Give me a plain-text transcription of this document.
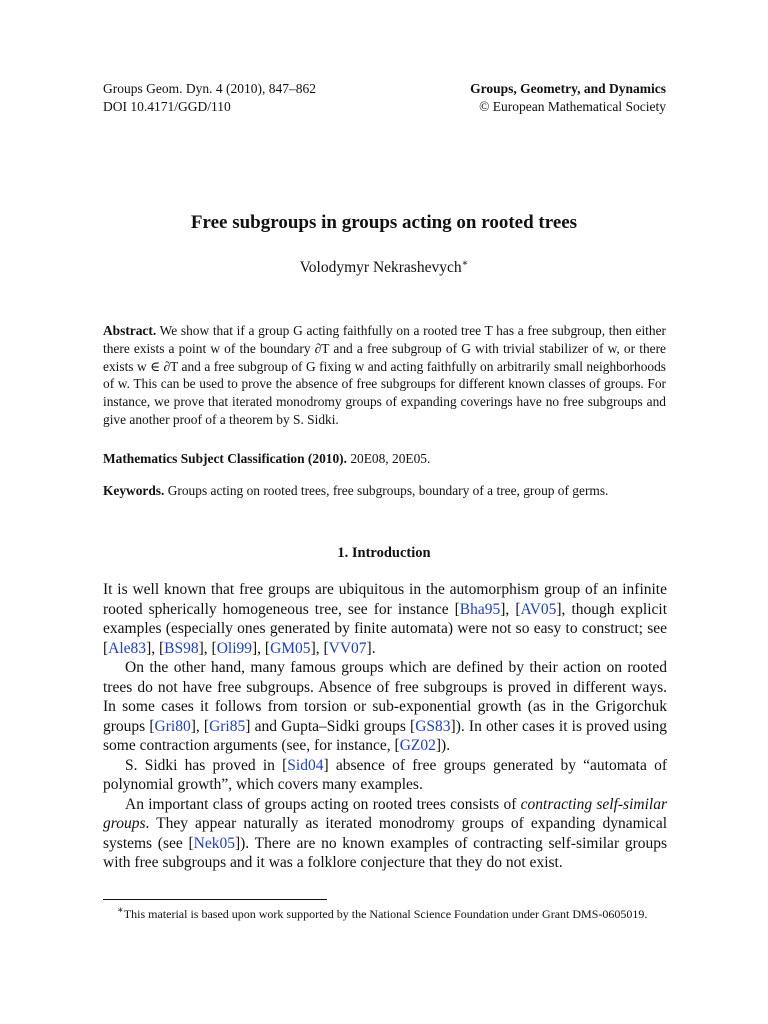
Groups Geom. Dyn. 4 (2010), 847–862
DOI 10.4171/GGD/110
Groups, Geometry, and Dynamics
© European Mathematical Society
Free subgroups in groups acting on rooted trees
Volodymyr Nekrashevych∗
Abstract. We show that if a group G acting faithfully on a rooted tree T has a free subgroup, then either there exists a point w of the boundary ∂T and a free subgroup of G with trivial stabilizer of w, or there exists w ∈ ∂T and a free subgroup of G fixing w and acting faithfully on arbitrarily small neighborhoods of w. This can be used to prove the absence of free subgroups for different known classes of groups. For instance, we prove that iterated monodromy groups of expanding coverings have no free subgroups and give another proof of a theorem by S. Sidki.
Mathematics Subject Classification (2010). 20E08, 20E05.
Keywords. Groups acting on rooted trees, free subgroups, boundary of a tree, group of germs.
1. Introduction

It is well known that free groups are ubiquitous in the automorphism group of an infinite rooted spherically homogeneous tree, see for instance [Bha95], [AV05], though explicit examples (especially ones generated by finite automata) were not so easy to construct; see [Ale83], [BS98], [Oli99], [GM05], [VV07].

On the other hand, many famous groups which are defined by their action on rooted trees do not have free subgroups. Absence of free subgroups is proved in different ways. In some cases it follows from torsion or sub-exponential growth (as in the Grigorchuk groups [Gri80], [Gri85] and Gupta–Sidki groups [GS83]). In other cases it is proved using some contraction arguments (see, for instance, [GZ02]).

S. Sidki has proved in [Sid04] absence of free groups generated by “automata of polynomial growth”, which covers many examples.

An important class of groups acting on rooted trees consists of contracting self-similar groups. They appear naturally as iterated monodromy groups of expanding dynamical systems (see [Nek05]). There are no known examples of contracting self-similar groups with free subgroups and it was a folklore conjecture that they do not exist.

∗This material is based upon work supported by the National Science Foundation under Grant DMS-0605019.
